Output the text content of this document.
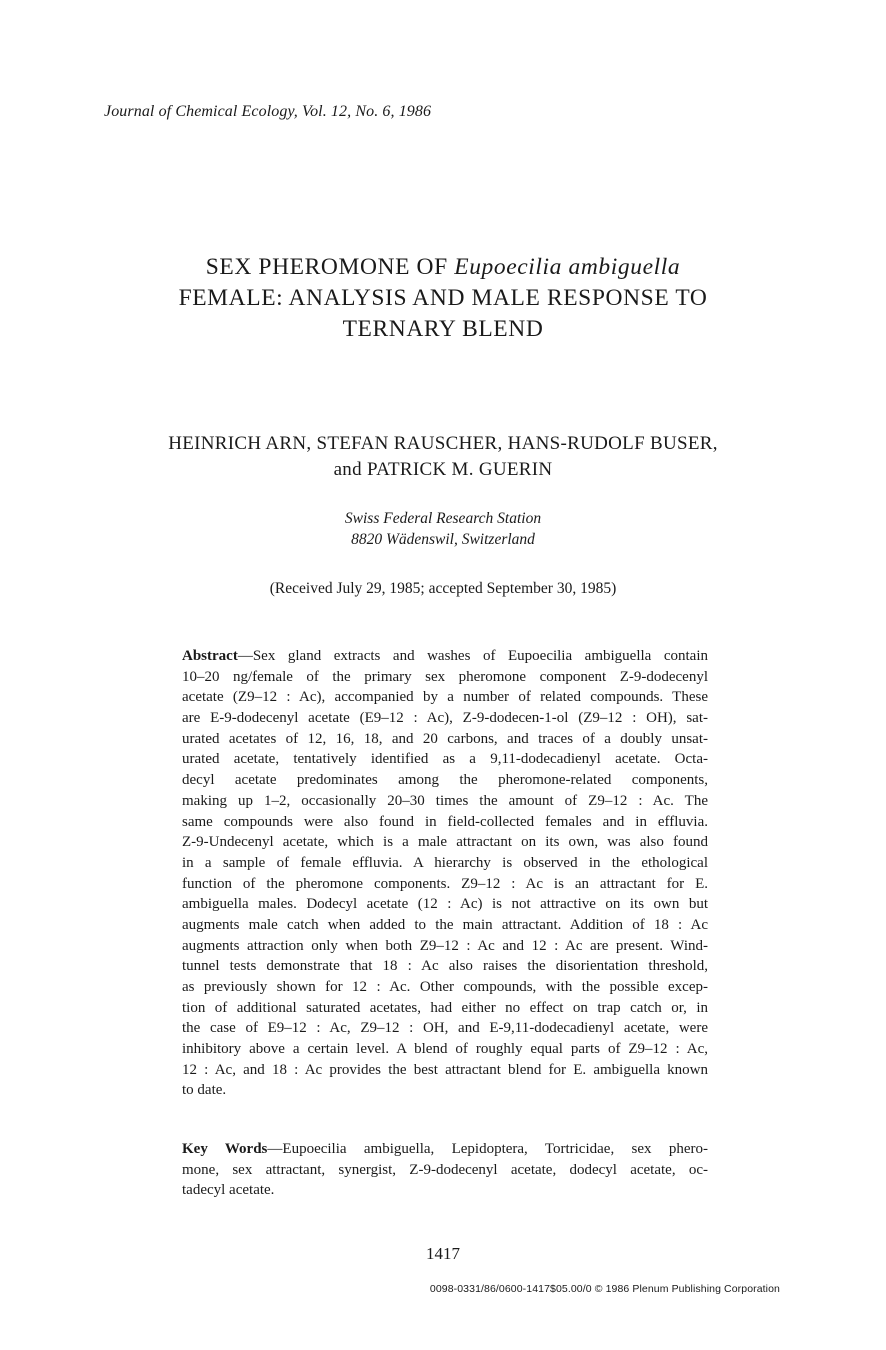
Journal of Chemical Ecology, Vol. 12, No. 6, 1986
SEX PHEROMONE OF Eupoecilia ambiguella
FEMALE: ANALYSIS AND MALE RESPONSE TO
TERNARY BLEND
HEINRICH ARN, STEFAN RAUSCHER, HANS-RUDOLF BUSER,
and PATRICK M. GUERIN
Swiss Federal Research Station
8820 Wädenswil, Switzerland
(Received July 29, 1985; accepted September 30, 1985)
Abstract—Sex gland extracts and washes of Eupoecilia ambiguella contain
10–20 ng/female of the primary sex pheromone component Z-9-dodecenyl
acetate (Z9–12 : Ac), accompanied by a number of related compounds. These
are E-9-dodecenyl acetate (E9–12 : Ac), Z-9-dodecen-1-ol (Z9–12 : OH), sat-
urated acetates of 12, 16, 18, and 20 carbons, and traces of a doubly unsat-
urated acetate, tentatively identified as a 9,11-dodecadienyl acetate. Octa-
decyl acetate predominates among the pheromone-related components,
making up 1–2, occasionally 20–30 times the amount of Z9–12 : Ac. The
same compounds were also found in field-collected females and in effluvia.
Z-9-Undecenyl acetate, which is a male attractant on its own, was also found
in a sample of female effluvia. A hierarchy is observed in the ethological
function of the pheromone components. Z9–12 : Ac is an attractant for E.
ambiguella males. Dodecyl acetate (12 : Ac) is not attractive on its own but
augments male catch when added to the main attractant. Addition of 18 : Ac
augments attraction only when both Z9–12 : Ac and 12 : Ac are present. Wind-
tunnel tests demonstrate that 18 : Ac also raises the disorientation threshold,
as previously shown for 12 : Ac. Other compounds, with the possible excep-
tion of additional saturated acetates, had either no effect on trap catch or, in
the case of E9–12 : Ac, Z9–12 : OH, and E-9,11-dodecadienyl acetate, were
inhibitory above a certain level. A blend of roughly equal parts of Z9–12 : Ac,
12 : Ac, and 18 : Ac provides the best attractant blend for E. ambiguella known
to date.
Key Words—Eupoecilia ambiguella, Lepidoptera, Tortricidae, sex phero-
mone, sex attractant, synergist, Z-9-dodecenyl acetate, dodecyl acetate, oc-
tadecyl acetate.
1417
0098-0331/86/0600-1417$05.00/0 © 1986 Plenum Publishing Corporation
